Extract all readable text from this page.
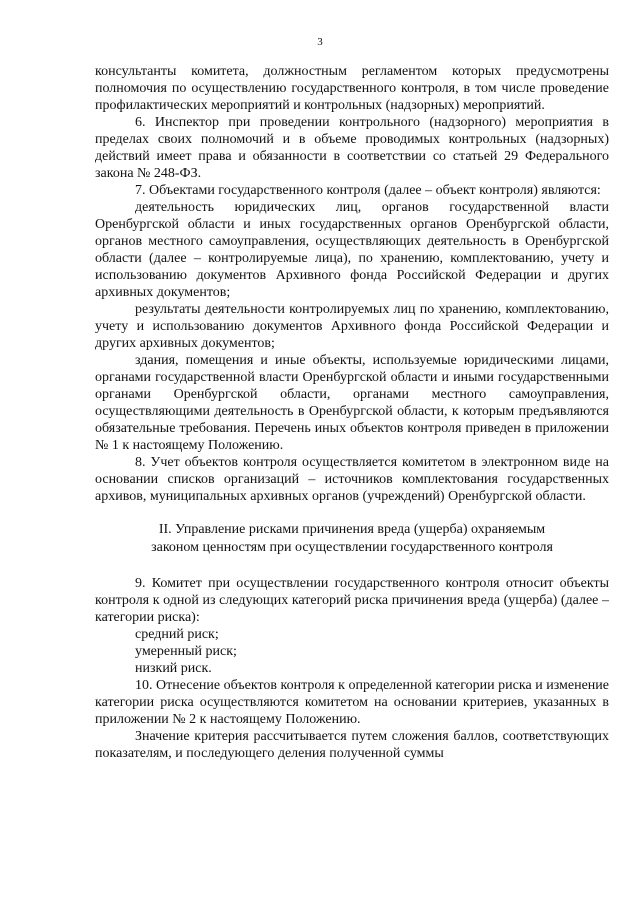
3

консультанты комитета, должностным регламентом которых предусмотрены полномочия по осуществлению государственного контроля, в том числе проведение профилактических мероприятий и контрольных (надзорных) мероприятий.

6. Инспектор при проведении контрольного (надзорного) мероприятия в пределах своих полномочий и в объеме проводимых контрольных (надзорных) действий имеет права и обязанности в соответствии со статьей 29 Федерального закона № 248-ФЗ.

7. Объектами государственного контроля (далее – объект контроля) являются:

деятельность юридических лиц, органов государственной власти Оренбургской области и иных государственных органов Оренбургской области, органов местного самоуправления, осуществляющих деятельность в Оренбургской области (далее – контролируемые лица), по хранению, комплектованию, учету и использованию документов Архивного фонда Российской Федерации и других архивных документов;

результаты деятельности контролируемых лиц по хранению, комплектованию, учету и использованию документов Архивного фонда Российской Федерации и других архивных документов;

здания, помещения и иные объекты, используемые юридическими лицами, органами государственной власти Оренбургской области и иными государственными органами Оренбургской области, органами местного самоуправления, осуществляющими деятельность в Оренбургской области, к которым предъявляются обязательные требования. Перечень иных объектов контроля приведен в приложении № 1 к настоящему Положению.

8. Учет объектов контроля осуществляется комитетом в электронном виде на основании списков организаций – источников комплектования государственных архивов, муниципальных архивных органов (учреждений) Оренбургской области.

II. Управление рисками причинения вреда (ущерба) охраняемым
законом ценностям при осуществлении государственного контроля

9. Комитет при осуществлении государственного контроля относит объекты контроля к одной из следующих категорий риска причинения вреда (ущерба) (далее – категории риска):

средний риск;

умеренный риск;

низкий риск.

10. Отнесение объектов контроля к определенной категории риска и изменение категории риска осуществляются комитетом на основании критериев, указанных в приложении № 2 к настоящему Положению.

Значение критерия рассчитывается путем сложения баллов, соответствующих показателям, и последующего деления полученной суммы
